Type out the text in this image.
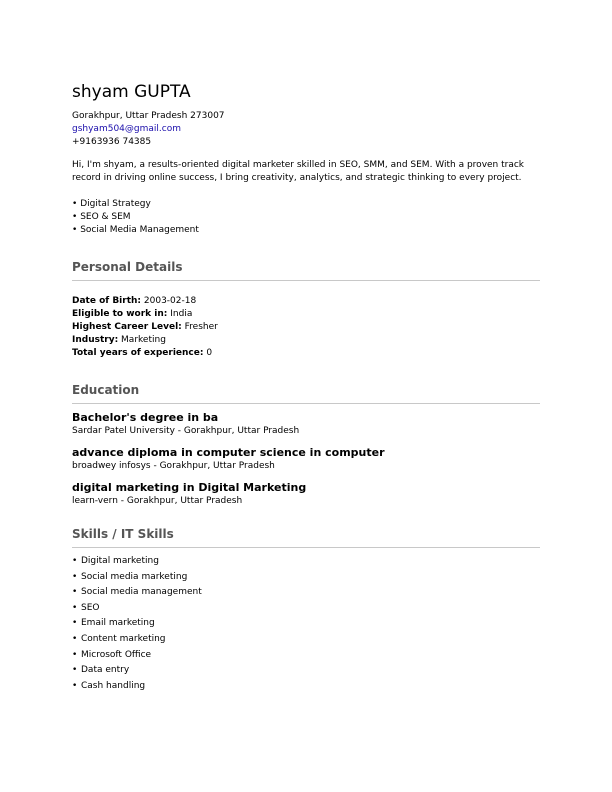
shyam GUPTA
Gorakhpur, Uttar Pradesh 273007
gshyam504@gmail.com
+9163936 74385
Hi, I'm shyam, a results-oriented digital marketer skilled in SEO, SMM, and SEM. With a proven track record in driving online success, I bring creativity, analytics, and strategic thinking to every project.
• Digital Strategy
• SEO & SEM
• Social Media Management
Personal Details
Date of Birth: 2003-02-18
Eligible to work in: India
Highest Career Level: Fresher
Industry: Marketing
Total years of experience: 0
Education
Bachelor's degree in ba
Sardar Patel University - Gorakhpur, Uttar Pradesh
advance diploma in computer science in computer
broadwey infosys - Gorakhpur, Uttar Pradesh
digital marketing in Digital Marketing
learn-vern - Gorakhpur, Uttar Pradesh
Skills / IT Skills
• Digital marketing
• Social media marketing
• Social media management
• SEO
• Email marketing
• Content marketing
• Microsoft Office
• Data entry
• Cash handling
